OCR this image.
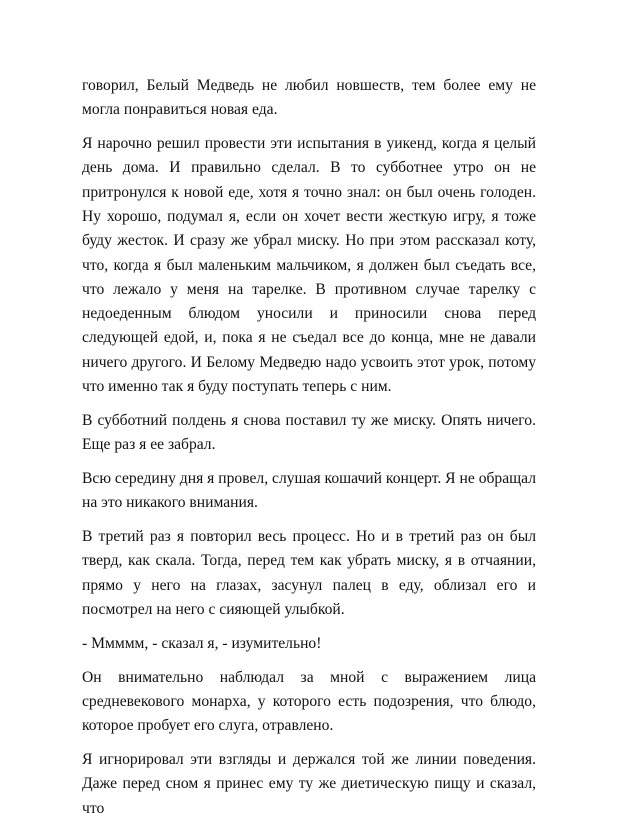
говорил, Белый Медведь не любил новшеств, тем более ему не могла понравиться новая еда.

Я нарочно решил провести эти испытания в уикенд, когда я целый день дома. И правильно сделал. В то субботнее утро он не притронулся к новой еде, хотя я точно знал: он был очень голоден. Ну хорошо, подумал я, если он хочет вести жесткую игру, я тоже буду жесток. И сразу же убрал миску. Но при этом рассказал коту, что, когда я был маленьким мальчиком, я должен был съедать все, что лежало у меня на тарелке. В противном случае тарелку с недоеденным блюдом уносили и приносили снова перед следующей едой, и, пока я не съедал все до конца, мне не давали ничего другого. И Белому Медведю надо усвоить этот урок, потому что именно так я буду поступать теперь с ним.

В субботний полдень я снова поставил ту же миску. Опять ничего. Еще раз я ее забрал.

Всю середину дня я провел, слушая кошачий концерт. Я не обращал на это никакого внимания.

В третий раз я повторил весь процесс. Но и в третий раз он был тверд, как скала. Тогда, перед тем как убрать миску, я в отчаянии, прямо у него на глазах, засунул палец в еду, облизал его и посмотрел на него с сияющей улыбкой.

- Ммммм, - сказал я, - изумительно!

Он внимательно наблюдал за мной с выражением лица средневекового монарха, у которого есть подозрения, что блюдо, которое пробует его слуга, отравлено.

Я игнорировал эти взгляды и держался той же линии поведения. Даже перед сном я принес ему ту же диетическую пищу и сказал, что
